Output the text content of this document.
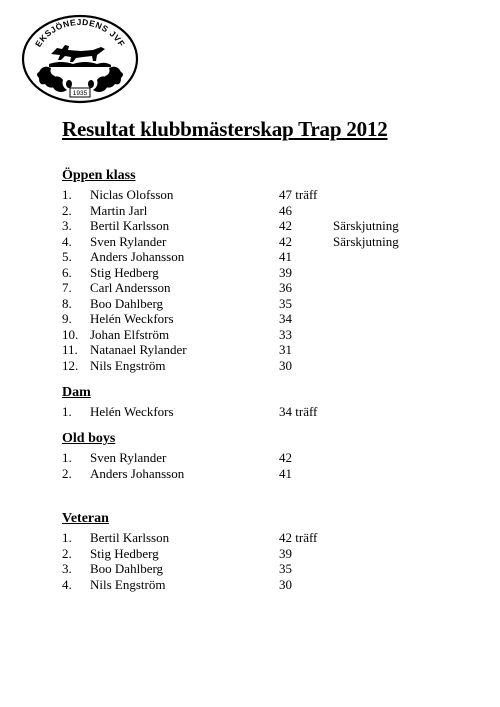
EKSJÖNEJDENS JVF
1935
Resultat klubbmästerskap Trap 2012
Öppen klass
1. Niclas Olofsson	47 träff
2. Martin Jarl	46
3. Bertil Karlsson	42	Särskjutning
4. Sven Rylander	42	Särskjutning
5. Anders Johansson	41
6. Stig Hedberg	39
7. Carl Andersson	36
8. Boo Dahlberg	35
9. Helén Weckfors	34
10. Johan Elfström	33
11. Natanael Rylander	31
12. Nils Engström	30
Dam
1. Helén Weckfors	34 träff
Old boys
1. Sven Rylander	42
2. Anders Johansson	41
Veteran
1. Bertil Karlsson	42 träff
2. Stig Hedberg	39
3. Boo Dahlberg	35
4. Nils Engström	30
